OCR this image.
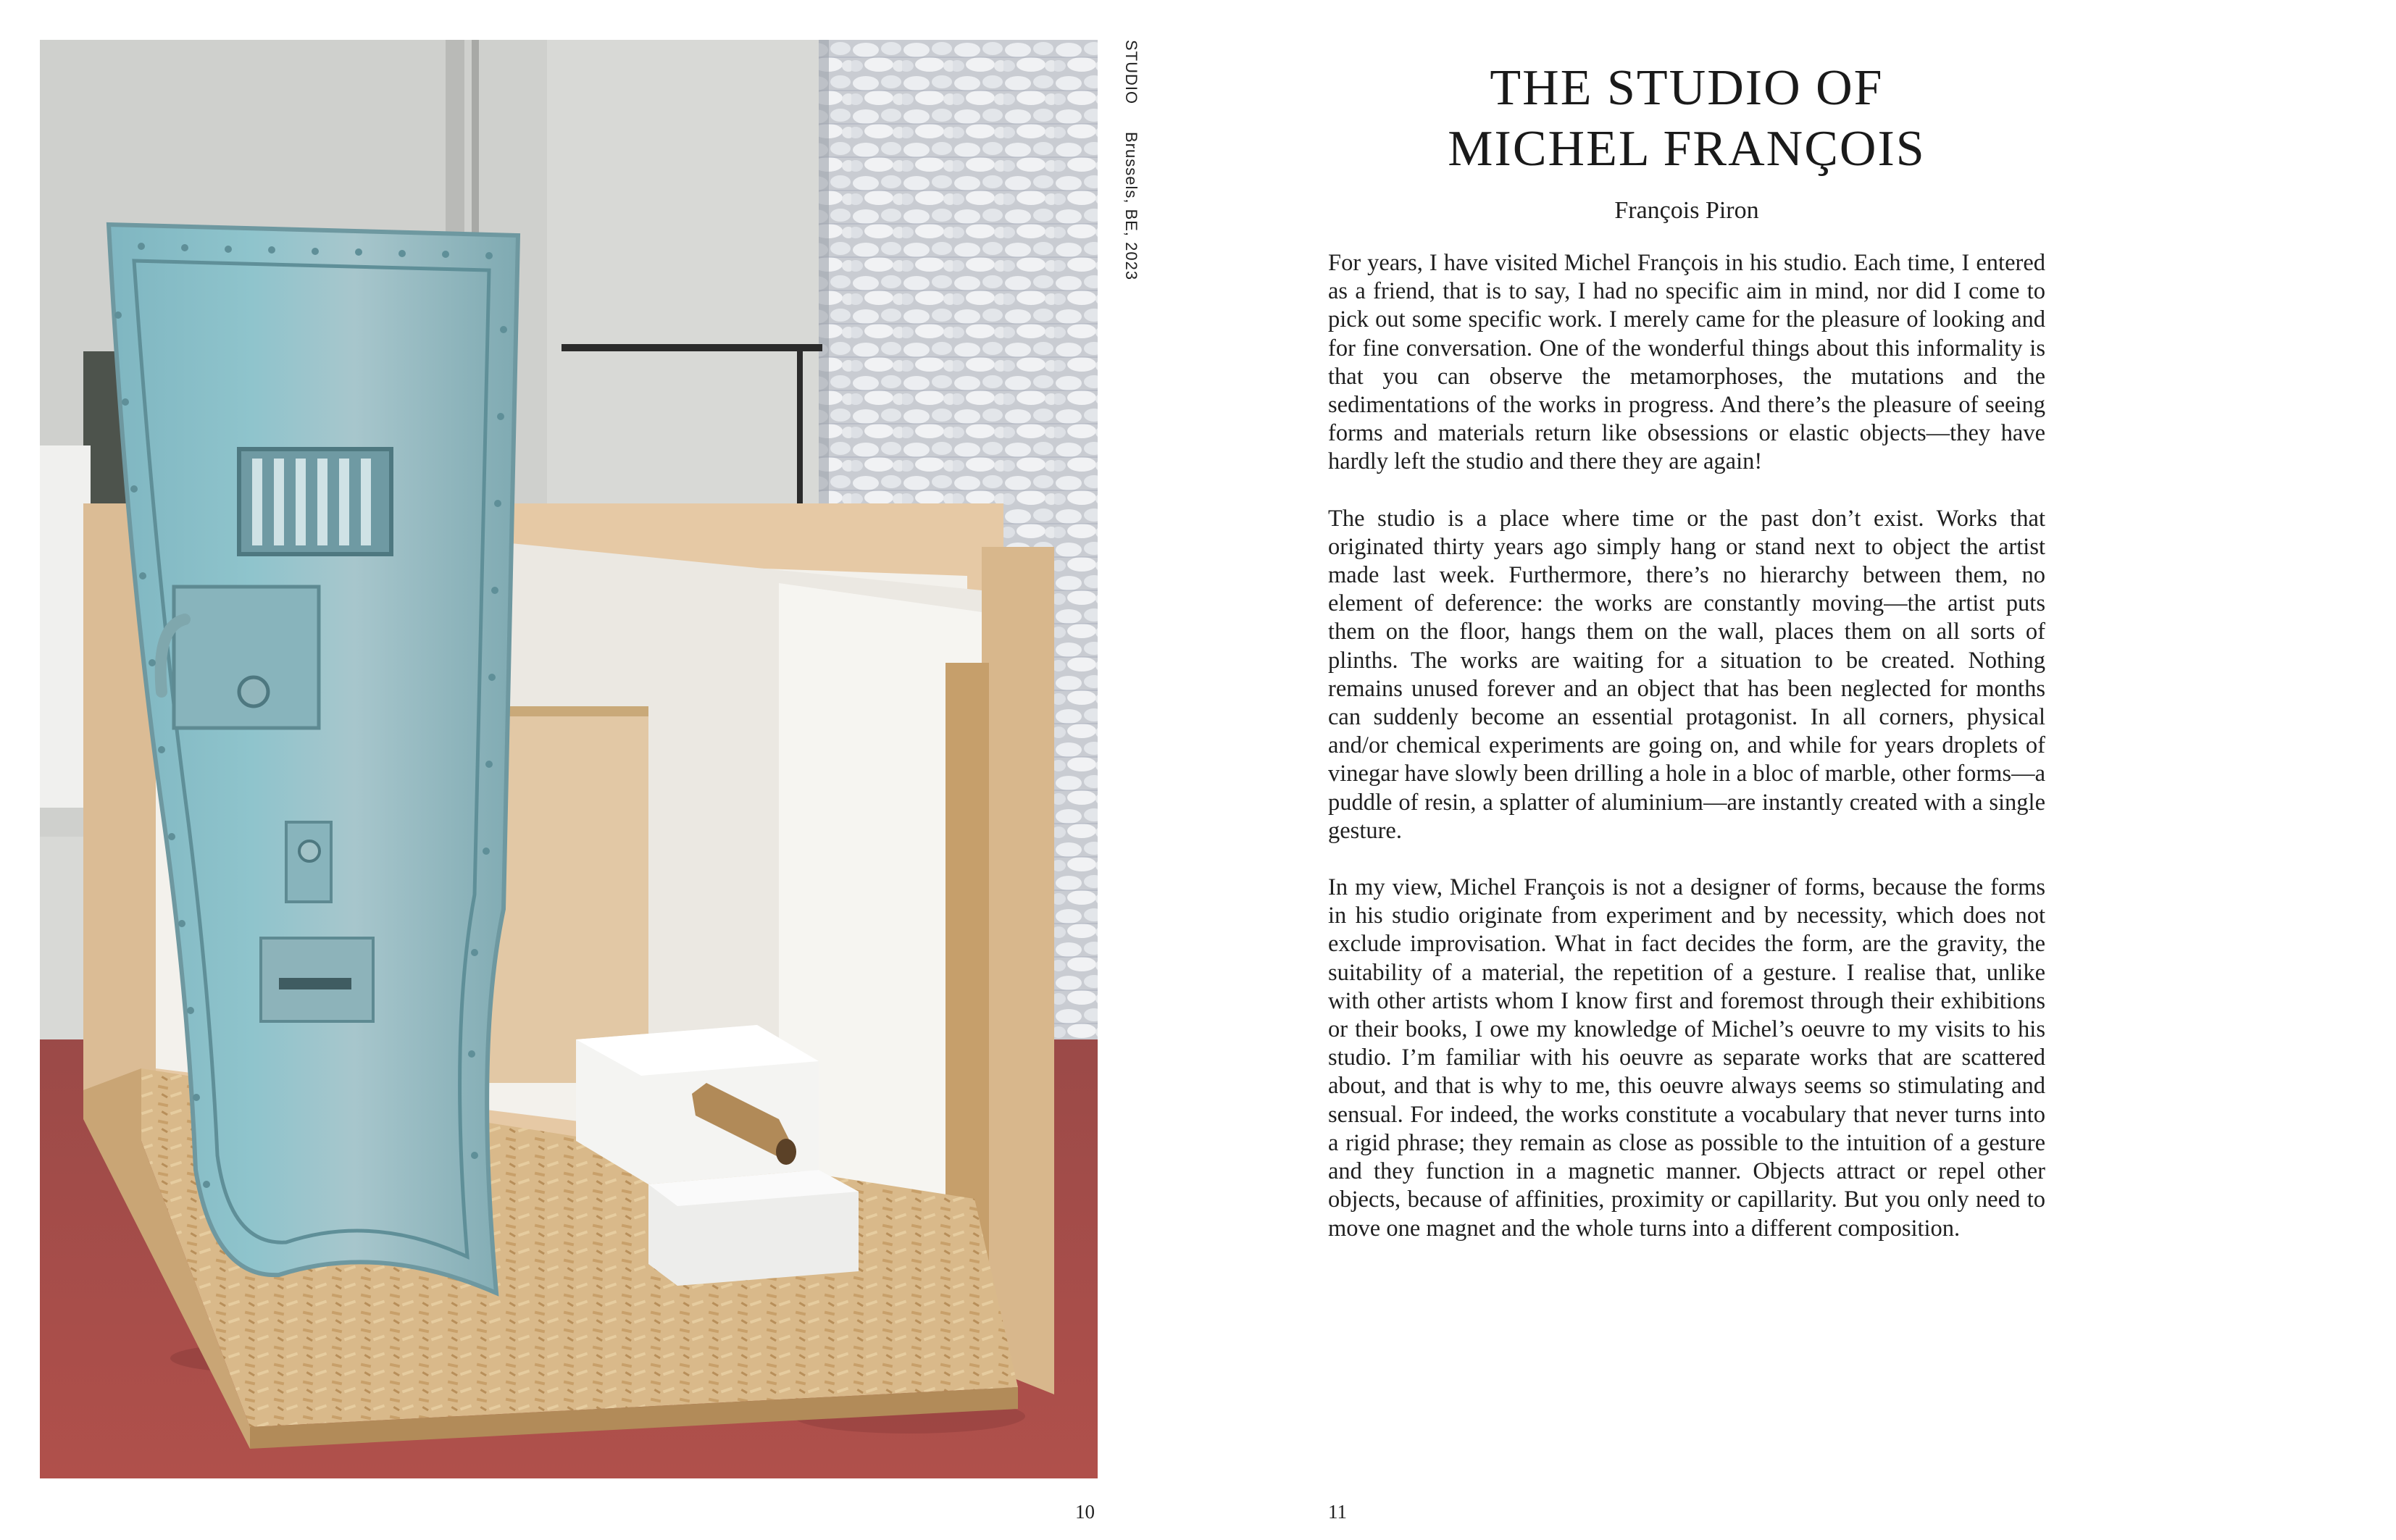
STUDIO  Brussels, BE, 2023
10
THE STUDIO OF
MICHEL FRANÇOIS
François Piron

For years, I have visited Michel François in his studio. Each time, I entered as a friend, that is to say, I had no specific aim in mind, nor did I come to pick out some specific work. I merely came for the pleasure of looking and for fine conversation. One of the wonderful things about this informality is that you can observe the metamorphoses, the mutations and the sedimentations of the works in progress. And there’s the pleasure of seeing forms and materials return like obsessions or elastic objects—they have hardly left the studio and there they are again!

The studio is a place where time or the past don’t exist. Works that originated thirty years ago simply hang or stand next to object the artist made last week. Furthermore, there’s no hierarchy between them, no element of deference: the works are constantly moving—the artist puts them on the floor, hangs them on the wall, places them on all sorts of plinths. The works are waiting for a situation to be created. Nothing remains unused forever and an object that has been neglected for months can suddenly become an essential protagonist. In all corners, physical and/or chemical experiments are going on, and while for years droplets of vinegar have slowly been drilling a hole in a bloc of marble, other forms—a puddle of resin, a splatter of aluminium—are instantly created with a single gesture.

In my view, Michel François is not a designer of forms, because the forms in his studio originate from experiment and by necessity, which does not exclude improvisation. What in fact decides the form, are the gravity, the suitability of a material, the repetition of a gesture. I realise that, unlike with other artists whom I know first and foremost through their exhibitions or their books, I owe my knowledge of Michel’s oeuvre to my visits to his studio. I’m familiar with his oeuvre as separate works that are scattered about, and that is why to me, this oeuvre always seems so stimulating and sensual. For indeed, the works constitute a vocabulary that never turns into a rigid phrase; they remain as close as possible to the intuition of a gesture and they function in a magnetic manner. Objects attract or repel other objects, because of affinities, proximity or capillarity. But you only need to move one magnet and the whole turns into a different composition.

11
